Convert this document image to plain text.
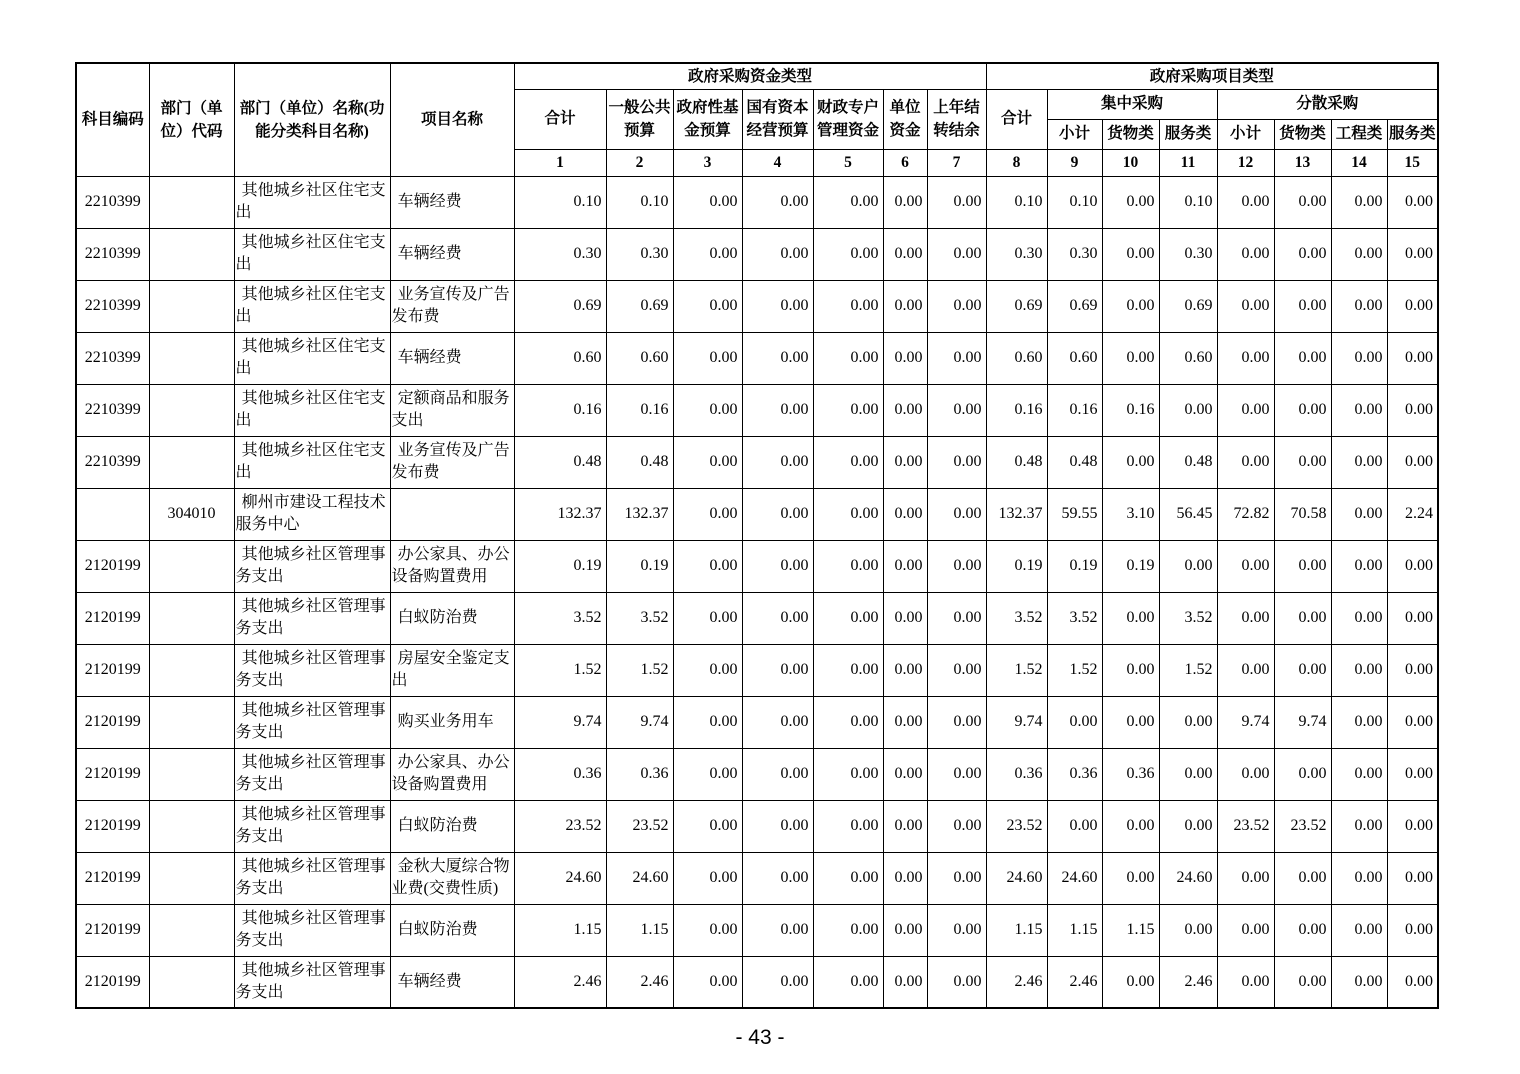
科目编码	部门（单位）代码	部门（单位）名称(功能分类科目名称)	项目名称	政府采购资金类型							政府采购项目类型							
				合计	一般公共预算	政府性基金预算	国有资本经营预算	财政专户管理资金	单位资金	上年结转结余	合计	集中采购			分散采购			
												小计	货物类	服务类	小计	货物类	工程类	服务类
				1	2	3	4	5	6	7	8	9	10	11	12	13	14	15

2210399		其他城乡社区住宅支出	车辆经费	0.10	0.10	0.00	0.00	0.00	0.00	0.00	0.10	0.10	0.00	0.10	0.00	0.00	0.00	0.00

2210399		其他城乡社区住宅支出	车辆经费	0.30	0.30	0.00	0.00	0.00	0.00	0.00	0.30	0.30	0.00	0.30	0.00	0.00	0.00	0.00

2210399		其他城乡社区住宅支出	业务宣传及广告发布费	0.69	0.69	0.00	0.00	0.00	0.00	0.00	0.69	0.69	0.00	0.69	0.00	0.00	0.00	0.00

2210399		其他城乡社区住宅支出	车辆经费	0.60	0.60	0.00	0.00	0.00	0.00	0.00	0.60	0.60	0.00	0.60	0.00	0.00	0.00	0.00

2210399		其他城乡社区住宅支出	定额商品和服务支出	0.16	0.16	0.00	0.00	0.00	0.00	0.00	0.16	0.16	0.16	0.00	0.00	0.00	0.00	0.00

2210399		其他城乡社区住宅支出	业务宣传及广告发布费	0.48	0.48	0.00	0.00	0.00	0.00	0.00	0.48	0.48	0.00	0.48	0.00	0.00	0.00	0.00

	304010	柳州市建设工程技术服务中心		132.37	132.37	0.00	0.00	0.00	0.00	0.00	132.37	59.55	3.10	56.45	72.82	70.58	0.00	2.24

2120199		其他城乡社区管理事务支出	办公家具、办公设备购置费用	0.19	0.19	0.00	0.00	0.00	0.00	0.00	0.19	0.19	0.19	0.00	0.00	0.00	0.00	0.00

2120199		其他城乡社区管理事务支出	白蚁防治费	3.52	3.52	0.00	0.00	0.00	0.00	0.00	3.52	3.52	0.00	3.52	0.00	0.00	0.00	0.00

2120199		其他城乡社区管理事务支出	房屋安全鉴定支出	1.52	1.52	0.00	0.00	0.00	0.00	0.00	1.52	1.52	0.00	1.52	0.00	0.00	0.00	0.00

2120199		其他城乡社区管理事务支出	购买业务用车	9.74	9.74	0.00	0.00	0.00	0.00	0.00	9.74	0.00	0.00	0.00	9.74	9.74	0.00	0.00

2120199		其他城乡社区管理事务支出	办公家具、办公设备购置费用	0.36	0.36	0.00	0.00	0.00	0.00	0.00	0.36	0.36	0.36	0.00	0.00	0.00	0.00	0.00

2120199		其他城乡社区管理事务支出	白蚁防治费	23.52	23.52	0.00	0.00	0.00	0.00	0.00	23.52	0.00	0.00	0.00	23.52	23.52	0.00	0.00

2120199		其他城乡社区管理事务支出	金秋大厦综合物业费(交费性质)	24.60	24.60	0.00	0.00	0.00	0.00	0.00	24.60	24.60	0.00	24.60	0.00	0.00	0.00	0.00

2120199		其他城乡社区管理事务支出	白蚁防治费	1.15	1.15	0.00	0.00	0.00	0.00	0.00	1.15	1.15	1.15	0.00	0.00	0.00	0.00	0.00

2120199		其他城乡社区管理事务支出	车辆经费	2.46	2.46	0.00	0.00	0.00	0.00	0.00	2.46	2.46	0.00	2.46	0.00	0.00	0.00	0.00
- 43 -
